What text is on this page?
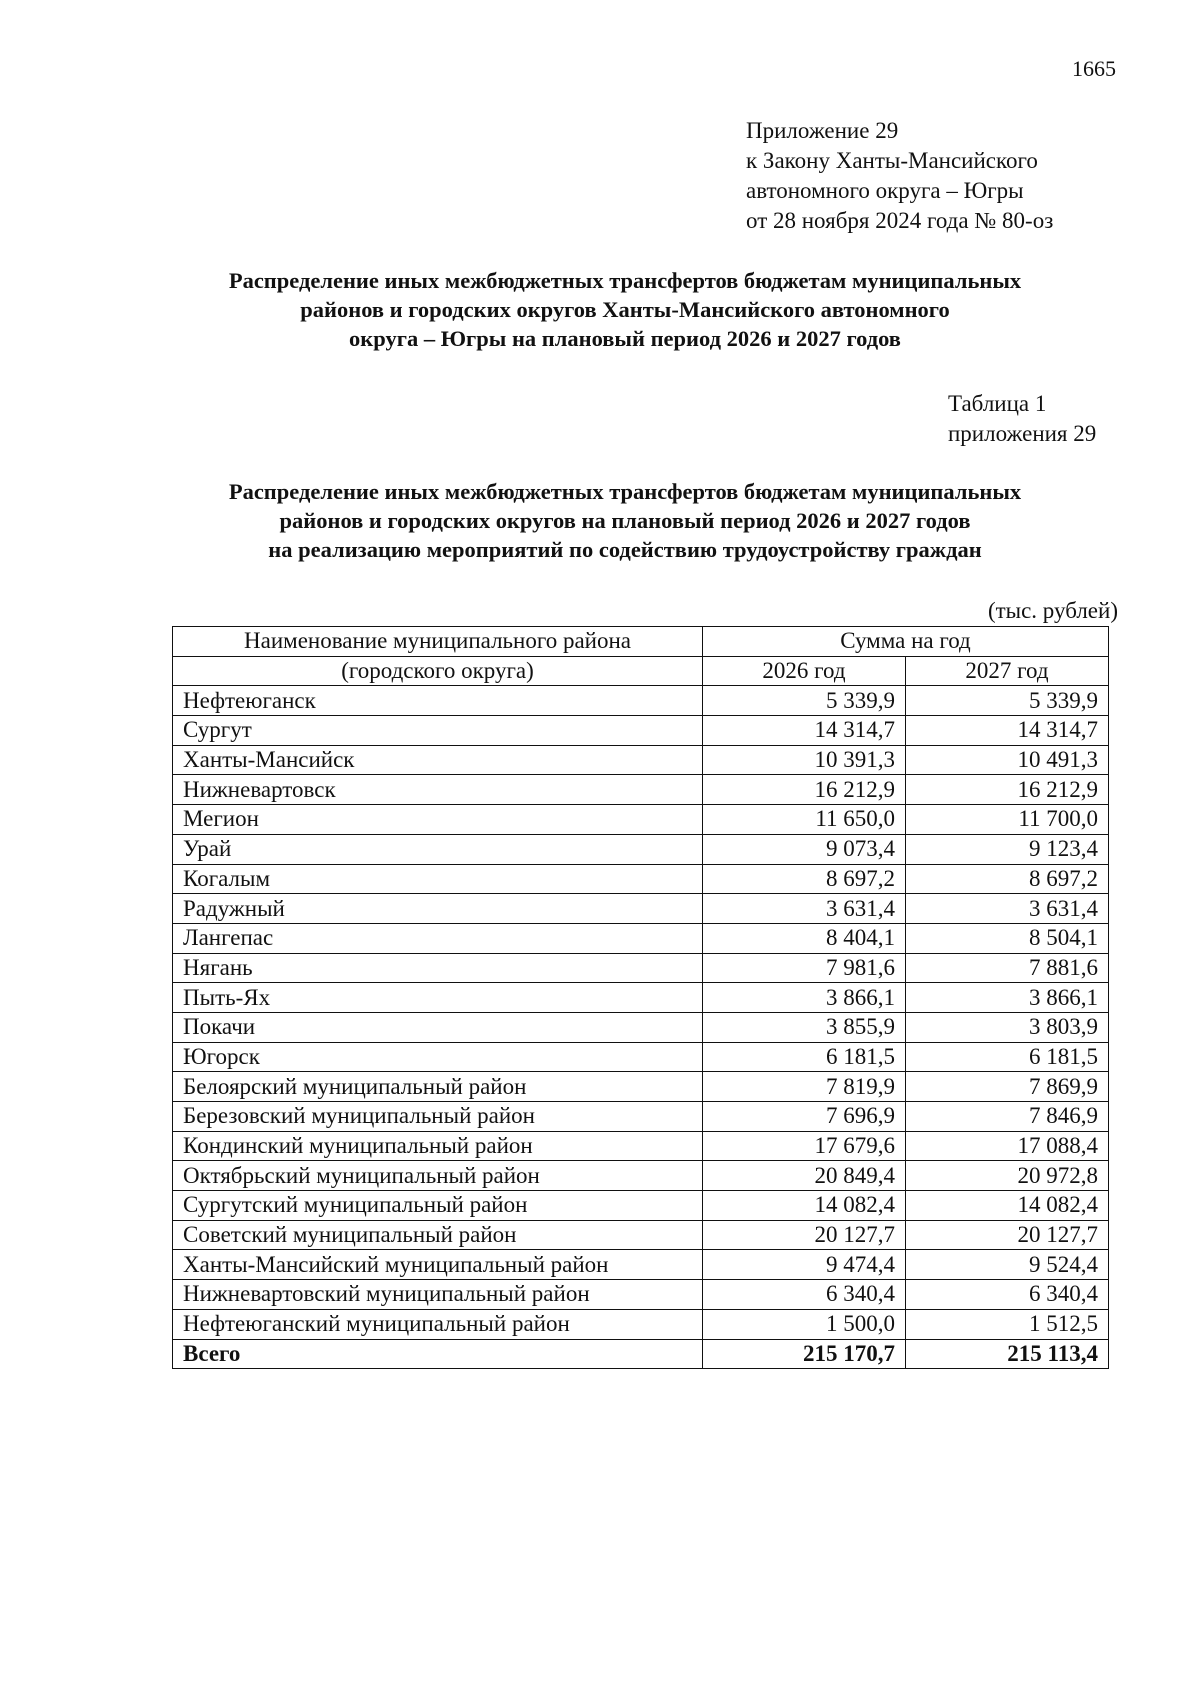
1665
Приложение 29
к Закону Ханты-Мансийского
автономного округа – Югры
от 28 ноября 2024 года № 80-оз
Распределение иных межбюджетных трансфертов бюджетам муниципальных
районов и городских округов Ханты-Мансийского автономного
округа – Югры на плановый период 2026 и 2027 годов
Таблица 1
приложения 29
Распределение иных межбюджетных трансфертов бюджетам муниципальных
районов и городских округов на плановый период 2026 и 2027 годов
на реализацию мероприятий по содействию трудоустройству граждан
(тыс. рублей)
Наименование муниципального района	Сумма на год	
(городского округа)	2026 год	2027 год
Нефтеюганск	5 339,9	5 339,9
Сургут	14 314,7	14 314,7
Ханты-Мансийск	10 391,3	10 491,3
Нижневартовск	16 212,9	16 212,9
Мегион	11 650,0	11 700,0
Урай	9 073,4	9 123,4
Когалым	8 697,2	8 697,2
Радужный	3 631,4	3 631,4
Лангепас	8 404,1	8 504,1
Нягань	7 981,6	7 881,6
Пыть-Ях	3 866,1	3 866,1
Покачи	3 855,9	3 803,9
Югорск	6 181,5	6 181,5
Белоярский муниципальный район	7 819,9	7 869,9
Березовский муниципальный район	7 696,9	7 846,9
Кондинский муниципальный район	17 679,6	17 088,4
Октябрьский муниципальный район	20 849,4	20 972,8
Сургутский муниципальный район	14 082,4	14 082,4
Советский муниципальный район	20 127,7	20 127,7
Ханты-Мансийский муниципальный район	9 474,4	9 524,4
Нижневартовский муниципальный район	6 340,4	6 340,4
Нефтеюганский муниципальный район	1 500,0	1 512,5
Всего	215 170,7	215 113,4
